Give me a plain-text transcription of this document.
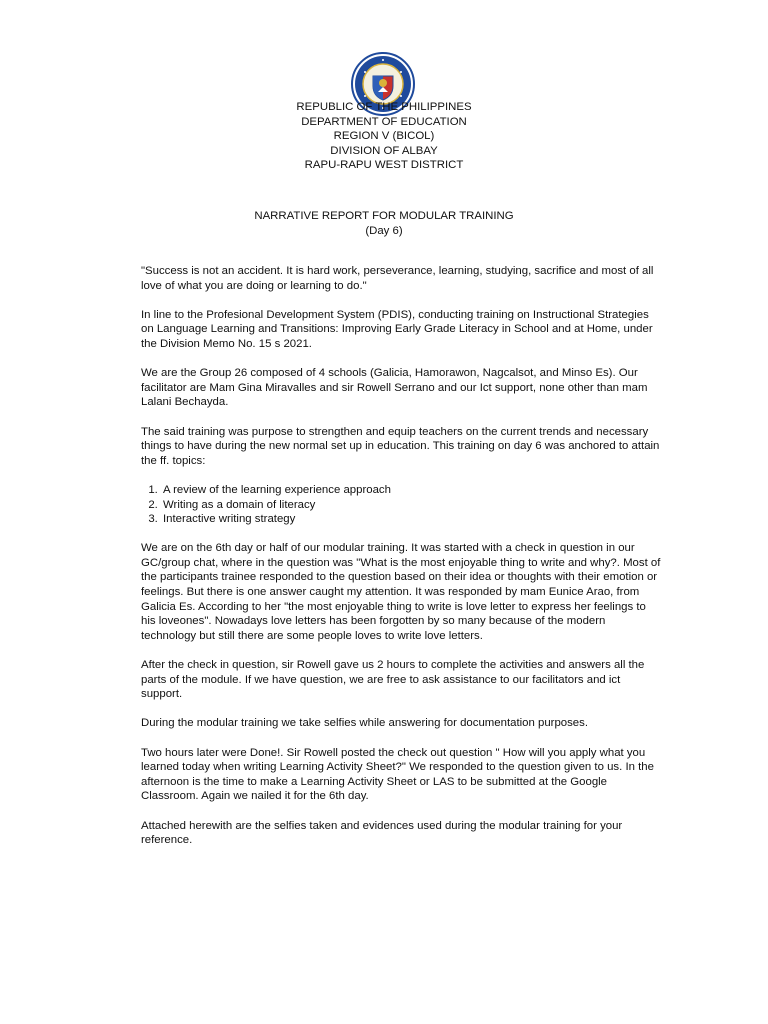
REPUBLIC OF THE PHILIPPINES
DEPARTMENT OF EDUCATION
REGION V (BICOL)
DIVISION OF ALBAY
RAPU-RAPU WEST DISTRICT
NARRATIVE REPORT FOR MODULAR TRAINING
(Day 6)

"Success is not an accident. It is hard work, perseverance, learning, studying, sacrifice and most of all love of what you are doing or learning to do."

In line to the Profesional Development System (PDIS), conducting training on Instructional Strategies on Language Learning and Transitions: Improving Early Grade Literacy in School and at Home, under the Division Memo No. 15 s 2021.

We are the Group 26 composed of 4 schools (Galicia, Hamorawon, Nagcalsot, and Minso Es). Our facilitator are Mam Gina Miravalles and sir Rowell Serrano and our Ict support, none other than mam Lalani Bechayda.

The said training was purpose to strengthen and equip teachers on the current trends and necessary things to have during the new normal set up in education. This training on day 6 was anchored to attain the ff. topics:

1. A review of the learning experience approach
2. Writing as a domain of literacy
3. Interactive writing strategy

We are on the 6th day or half of our modular training. It was started with a check in question in our GC/group chat, where in the question was "What is the most enjoyable thing to write and why?. Most of the participants trainee responded to the question based on their idea or thoughts with their emotion or feelings. But there is one answer caught my attention. It was responded by mam Eunice Arao, from Galicia Es. According to her "the most enjoyable thing to write is love letter to express her feelings to his loveones". Nowadays love letters has been forgotten by so many because of the modern technology but still there are some people loves to write love letters.

After the check in question, sir Rowell gave us 2 hours to complete the activities and answers all the parts of the module. If we have question, we are free to ask assistance to our facilitators and ict support.

During the modular training we take selfies while answering for documentation purposes.

Two hours later were Done!. Sir Rowell posted the check out question " How will you apply what you learned today when writing Learning Activity Sheet?" We responded to the question given to us. In the afternoon is the time to make a Learning Activity Sheet or LAS to be submitted at the Google Classroom. Again we nailed it for the 6th day.

Attached herewith are the selfies taken and evidences used during the modular training for your reference.
